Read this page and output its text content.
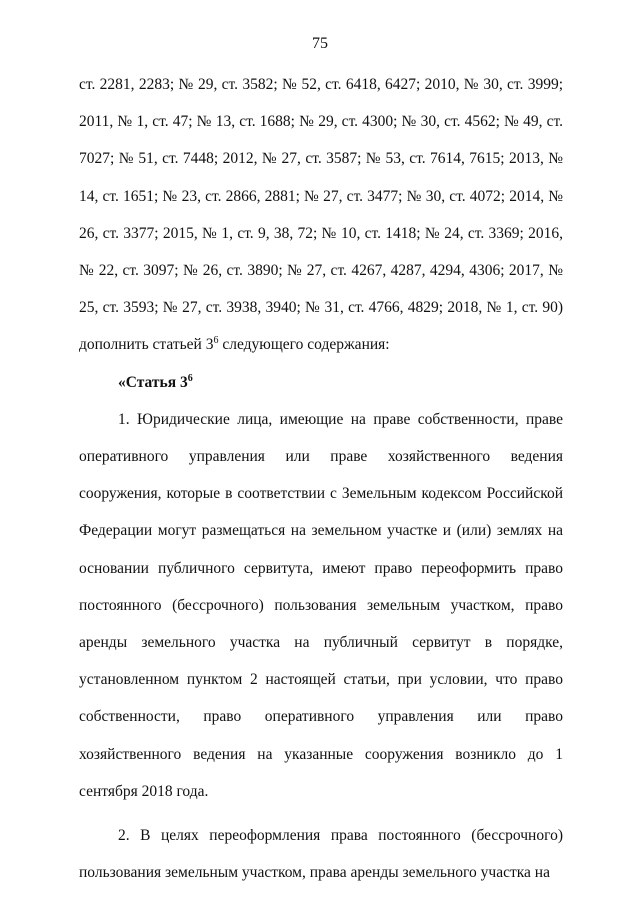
75

ст. 2281, 2283; № 29, ст. 3582; № 52, ст. 6418, 6427; 2010, № 30, ст. 3999; 2011, № 1, ст. 47; № 13, ст. 1688; № 29, ст. 4300; № 30, ст. 4562; № 49, ст. 7027; № 51, ст. 7448; 2012, № 27, ст. 3587; № 53, ст. 7614, 7615; 2013, № 14, ст. 1651; № 23, ст. 2866, 2881; № 27, ст. 3477; № 30, ст. 4072; 2014, № 26, ст. 3377; 2015, № 1, ст. 9, 38, 72; № 10, ст. 1418; № 24, ст. 3369; 2016, № 22, ст. 3097; № 26, ст. 3890; № 27, ст. 4267, 4287, 4294, 4306; 2017, № 25, ст. 3593; № 27, ст. 3938, 3940; № 31, ст. 4766, 4829; 2018, № 1, ст. 90) дополнить статьей $3^6$ следующего содержания:

«Статья $3^6$

1. Юридические лица, имеющие на праве собственности, праве оперативного управления или праве хозяйственного ведения сооружения, которые в соответствии с Земельным кодексом Российской Федерации могут размещаться на земельном участке и (или) землях на основании публичного сервитута, имеют право переоформить право постоянного (бессрочного) пользования земельным участком, право аренды земельного участка на публичный сервитут в порядке, установленном пунктом 2 настоящей статьи, при условии, что право собственности, право оперативного управления или право хозяйственного ведения на указанные сооружения возникло до 1 сентября 2018 года.

2. В целях переоформления права постоянного (бессрочного) пользования земельным участком, права аренды земельного участка на
